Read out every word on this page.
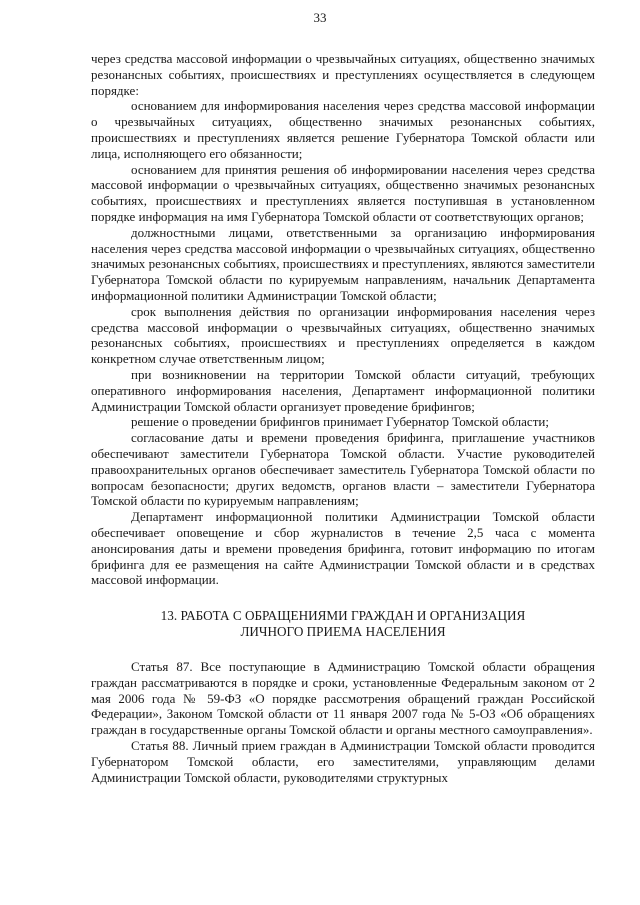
33

через средства массовой информации о чрезвычайных ситуациях, общественно значимых резонансных событиях, происшествиях и преступлениях осуществляется в следующем порядке:

основанием для информирования населения через средства массовой информации о чрезвычайных ситуациях, общественно значимых резонансных событиях, происшествиях и преступлениях является решение Губернатора Томской области или лица, исполняющего его обязанности;

основанием для принятия решения об информировании населения через средства массовой информации о чрезвычайных ситуациях, общественно значимых резонансных событиях, происшествиях и преступлениях является поступившая в установленном порядке информация на имя Губернатора Томской области от соответствующих органов;

должностными лицами, ответственными за организацию информирования населения через средства массовой информации о чрезвычайных ситуациях, общественно значимых резонансных событиях, происшествиях и преступлениях, являются заместители Губернатора Томской области по курируемым направлениям, начальник Департамента информационной политики Администрации Томской области;

срок выполнения действия по организации информирования населения через средства массовой информации о чрезвычайных ситуациях, общественно значимых резонансных событиях, происшествиях и преступлениях определяется в каждом конкретном случае ответственным лицом;

при возникновении на территории Томской области ситуаций, требующих оперативного информирования населения, Департамент информационной политики Администрации Томской области организует проведение брифингов;

решение о проведении брифингов принимает Губернатор Томской области;

согласование даты и времени проведения брифинга, приглашение участников обеспечивают заместители Губернатора Томской области. Участие руководителей правоохранительных органов обеспечивает заместитель Губернатора Томской области по вопросам безопасности; других ведомств, органов власти – заместители Губернатора Томской области по курируемым направлениям;

Департамент информационной политики Администрации Томской области обеспечивает оповещение и сбор журналистов в течение 2,5 часа с момента анонсирования даты и времени проведения брифинга, готовит информацию по итогам брифинга для ее размещения на сайте Администрации Томской области и в средствах массовой информации.

13. РАБОТА С ОБРАЩЕНИЯМИ ГРАЖДАН И ОРГАНИЗАЦИЯ
ЛИЧНОГО ПРИЕМА НАСЕЛЕНИЯ

Статья 87. Все поступающие в Администрацию Томской области обращения граждан рассматриваются в порядке и сроки, установленные Федеральным законом от 2 мая 2006 года № 59-ФЗ «О порядке рассмотрения обращений граждан Российской Федерации», Законом Томской области от 11 января 2007 года № 5-ОЗ «Об обращениях граждан в государственные органы Томской области и органы местного самоуправления».

Статья 88. Личный прием граждан в Администрации Томской области проводится Губернатором Томской области, его заместителями, управляющим делами Администрации Томской области, руководителями структурных
